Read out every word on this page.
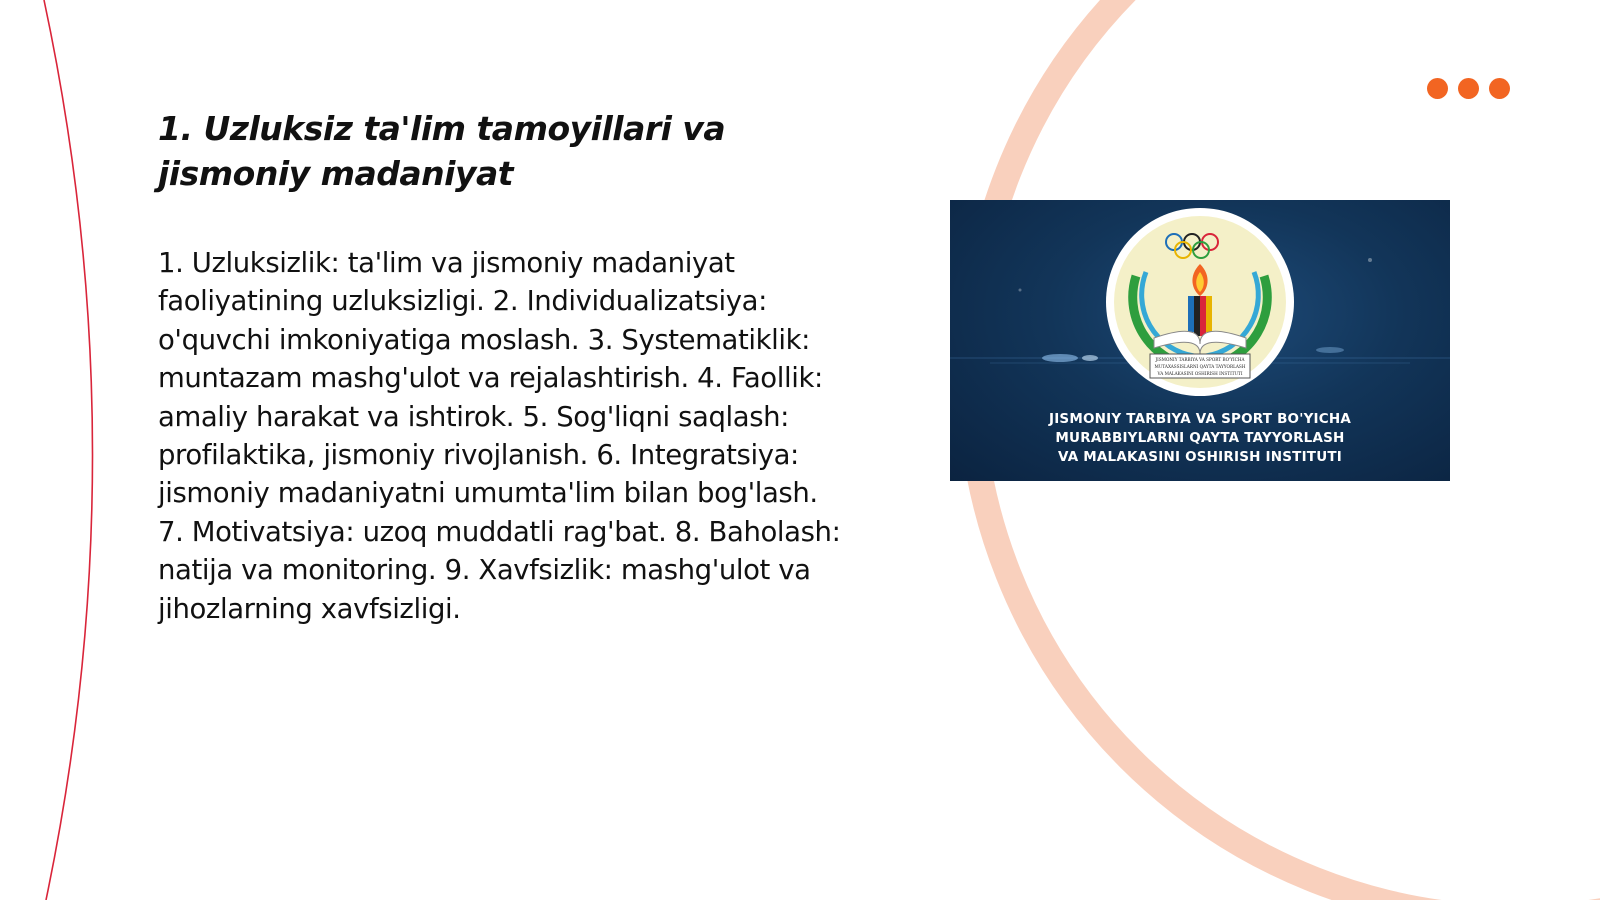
1. Uzluksiz ta'lim tamoyillari va
jismoniy madaniyat

1. Uzluksizlik: ta'lim va jismoniy madaniyat faoliyatining uzluksizligi. 2. Individualizatsiya: o'quvchi imkoniyatiga moslash. 3. Systematiklik: muntazam mashg'ulot va rejalashtirish. 4. Faollik: amaliy harakat va ishtirok. 5. Sog'liqni saqlash: profilaktika, jismoniy rivojlanish. 6. Integratsiya: jismoniy madaniyatni umumta'lim bilan bog'lash. 7. Motivatsiya: uzoq muddatli rag'bat. 8. Baholash: natija va monitoring. 9. Xavfsizlik: mashg'ulot va jihozlarning xavfsizligi.

JISMONIY TARBIYA VA SPORT BO'YICHA
MUTAXASSISLARNI QAYTA TAYYORLASH
VA MALAKASINI OSHIRISH INSTITUTI
JISMONIY TARBIYA VA SPORT BO'YICHA
MURABBIYLARNI QAYTA TAYYORLASH
VA MALAKASINI OSHIRISH INSTITUTI
